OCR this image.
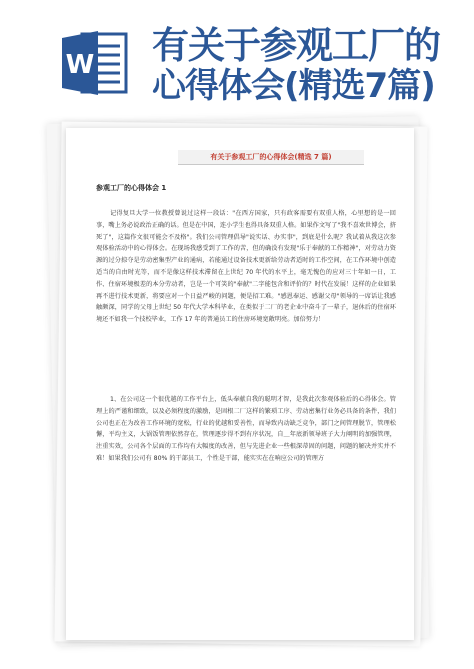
W 有关于参观工厂的
心得体会(精选7篇)
有关于参观工厂的心得体会(精选 7 篇)
参观工厂的心得体会 1
记得复旦大学一位教授曾说过这样一段话："在西方国家，只有政客需要有双重人格，心里想的是一回事，嘴上务必说政治正确的话。但是在中国，连小学生也得具备双重人格。如果作文写了"我不喜欢世博会，挤死了"，这篇作文很可能会不及格"。我们公司管理倡导"说实话、办实事"，到底是什么呢？我试着从我这次参观体验活动中的心得体会。在现场我感受到了工作的苦，但的确没有发现"乐于奉献的工作精神"，对劳动力资源的过分掠夺是劳动密集型产业的通病，若能通过设备技术更新给劳动者适时的工作空间，在工作环境中创造适当的自由时光等，而不是像这样技术滞留在上世纪 70 年代的水平上，毫无愧色的应对三十年如一日，工作、住宿环境极差的本分劳动者，岂是一个可笑的"奉献"二字能包含和评价的？时代在发展！这样的企业如果再不进行技术更新，将要应对一个日益严峻的问题，便是招工难。"感恩奉运、感谢父母"领导的一席话让我感触颇深，同学的父母上世纪 50 年代大学本科毕业，在类似于二厂的老企业中奋斗了一辈子，退休后的住宿环境还不如我一个技校毕业，工作 17 年的普通员工的住房环境宽敞明亮。加倍努力！
1、在公司这一个很优越的工作平台上，低头奉献自我的聪明才智，是我此次参观体验后的心得体会。管理上的严谨和细致，以及必须程度的激励，是固根二厂这样的繁琐工序、劳动密集行业务必具备的条件，我们公司也正在为改善工作环境的宽松，行业的优越和妥善性，而导致内动缺乏竞争，部门之间管理脱节，管理松懈，平均主义，大锅饭管理依然存在，管理逐步得不到有序状况，自＿年底新领导班子大力阐明的加强管理，注重实效，公司各个层面的工作均有大幅度的改善，但与先进企业一些根深蒂固的问题，问题的解决并实并不难！如果我们公司有 80% 的干部员工，个性是干部，能实实在在响应公司的管理方
